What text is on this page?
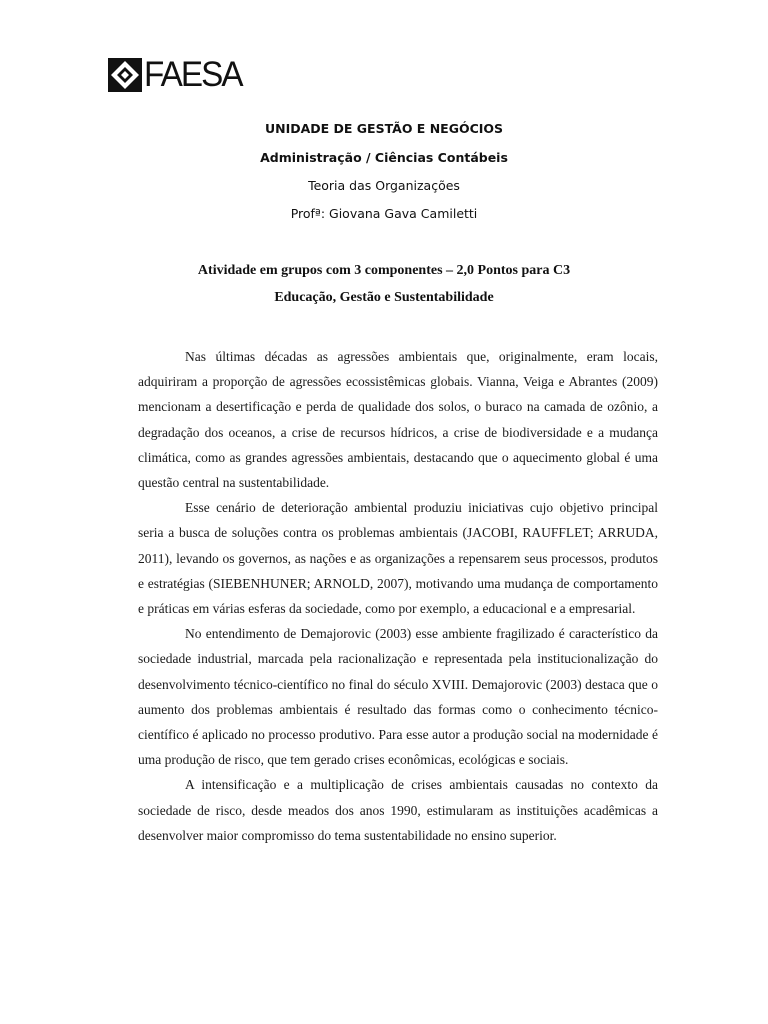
FAESA
UNIDADE DE GESTÃO E NEGÓCIOS
Administração / Ciências Contábeis
Teoria das Organizações
Profª: Giovana Gava Camiletti
Atividade em grupos com 3 componentes – 2,0 Pontos para C3
Educação, Gestão e Sustentabilidade

Nas últimas décadas as agressões ambientais que, originalmente, eram locais, adquiriram a proporção de agressões ecossistêmicas globais. Vianna, Veiga e Abrantes (2009) mencionam a desertificação e perda de qualidade dos solos, o buraco na camada de ozônio, a degradação dos oceanos, a crise de recursos hídricos, a crise de biodiversidade e a mudança climática, como as grandes agressões ambientais, destacando que o aquecimento global é uma questão central na sustentabilidade.

Esse cenário de deterioração ambiental produziu iniciativas cujo objetivo principal seria a busca de soluções contra os problemas ambientais (JACOBI, RAUFFLET; ARRUDA, 2011), levando os governos, as nações e as organizações a repensarem seus processos, produtos e estratégias (SIEBENHUNER; ARNOLD, 2007), motivando uma mudança de comportamento e práticas em várias esferas da sociedade, como por exemplo, a educacional e a empresarial.

No entendimento de Demajorovic (2003) esse ambiente fragilizado é característico da sociedade industrial, marcada pela racionalização e representada pela institucionalização do desenvolvimento técnico-científico no final do século XVIII. Demajorovic (2003) destaca que o aumento dos problemas ambientais é resultado das formas como o conhecimento técnico-científico é aplicado no processo produtivo. Para esse autor a produção social na modernidade é uma produção de risco, que tem gerado crises econômicas, ecológicas e sociais.

A intensificação e a multiplicação de crises ambientais causadas no contexto da sociedade de risco, desde meados dos anos 1990, estimularam as instituições acadêmicas a desenvolver maior compromisso do tema sustentabilidade no ensino superior.
